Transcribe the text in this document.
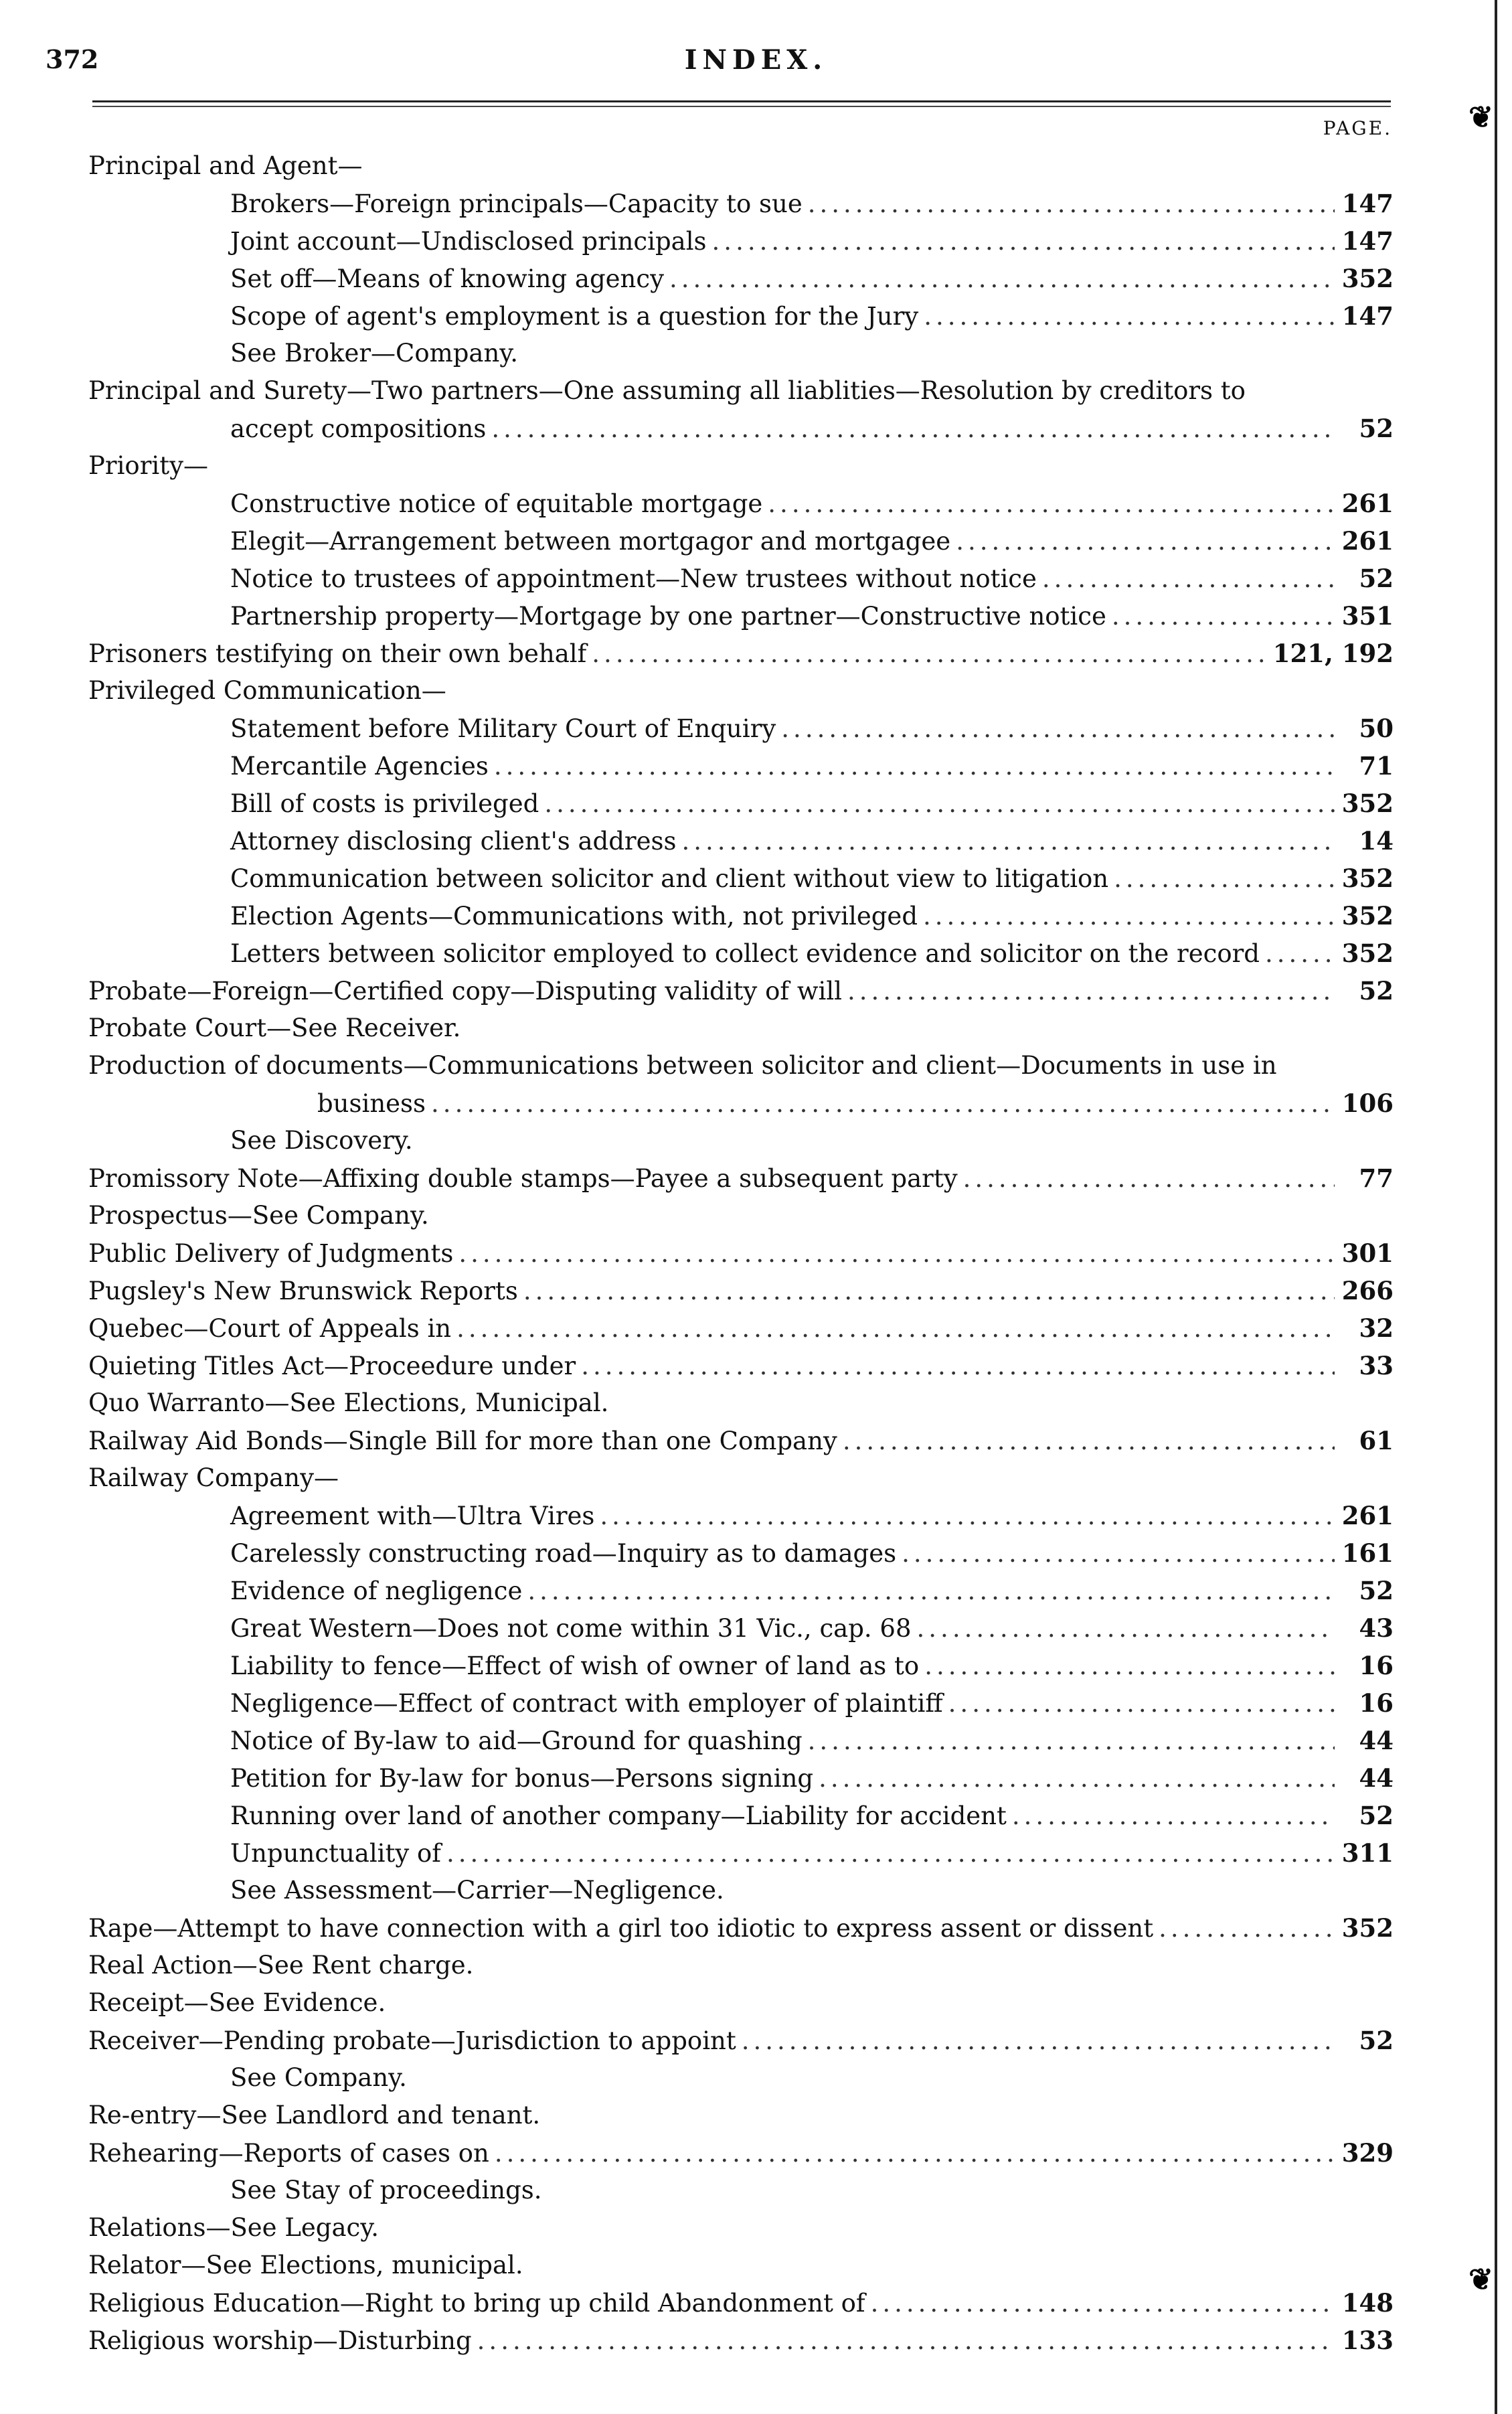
❦
❦
372	INDEX.
PAGE.
Principal and Agent—
Brokers—Foreign principals—Capacity to sue .....	147
Joint account—Undisclosed principals .....	147
Set off—Means of knowing agency .....	352
Scope of agent's employment is a question for the Jury .....	147
See Broker—Company.
Principal and Surety—Two partners—One assuming all liablities—Resolution by creditors to
accept compositions .....	52
Priority—
Constructive notice of equitable mortgage .....	261
Elegit—Arrangement between mortgagor and mortgagee .....	261
Notice to trustees of appointment—New trustees without notice .....	52
Partnership property—Mortgage by one partner—Constructive notice .....	351
Prisoners testifying on their own behalf .....	121, 192
Privileged Communication—
Statement before Military Court of Enquiry .....	50
Mercantile Agencies .....	71
Bill of costs is privileged .....	352
Attorney disclosing client's address .....	14
Communication between solicitor and client without view to litigation .....	352
Election Agents—Communications with, not privileged .....	352
Letters between solicitor employed to collect evidence and solicitor on the record .....	352
Probate—Foreign—Certified copy—Disputing validity of will .....	52
Probate Court—See Receiver.
Production of documents—Communications between solicitor and client—Documents in use in
business .....	106
See Discovery.
Promissory Note—Affixing double stamps—Payee a subsequent party .....	77
Prospectus—See Company.
Public Delivery of Judgments .....	301
Pugsley's New Brunswick Reports .....	266
Quebec—Court of Appeals in .....	32
Quieting Titles Act—Proceedure under .....	33
Quo Warranto—See Elections, Municipal.
Railway Aid Bonds—Single Bill for more than one Company .....	61
Railway Company—
Agreement with—Ultra Vires .....	261
Carelessly constructing road—Inquiry as to damages .....	161
Evidence of negligence .....	52
Great Western—Does not come within 31 Vic., cap. 68 .....	43
Liability to fence—Effect of wish of owner of land as to .....	16
Negligence—Effect of contract with employer of plaintiff .....	16
Notice of By-law to aid—Ground for quashing .....	44
Petition for By-law for bonus—Persons signing .....	44
Running over land of another company—Liability for accident .....	52
Unpunctuality of .....	311
See Assessment—Carrier—Negligence.
Rape—Attempt to have connection with a girl too idiotic to express assent or dissent .....	352
Real Action—See Rent charge.
Receipt—See Evidence.
Receiver—Pending probate—Jurisdiction to appoint .....	52
See Company.
Re-entry—See Landlord and tenant.
Rehearing—Reports of cases on .....	329
See Stay of proceedings.
Relations—See Legacy.
Relator—See Elections, municipal.
Religious Education—Right to bring up child Abandonment of .....	148
Religious worship—Disturbing .....	133
